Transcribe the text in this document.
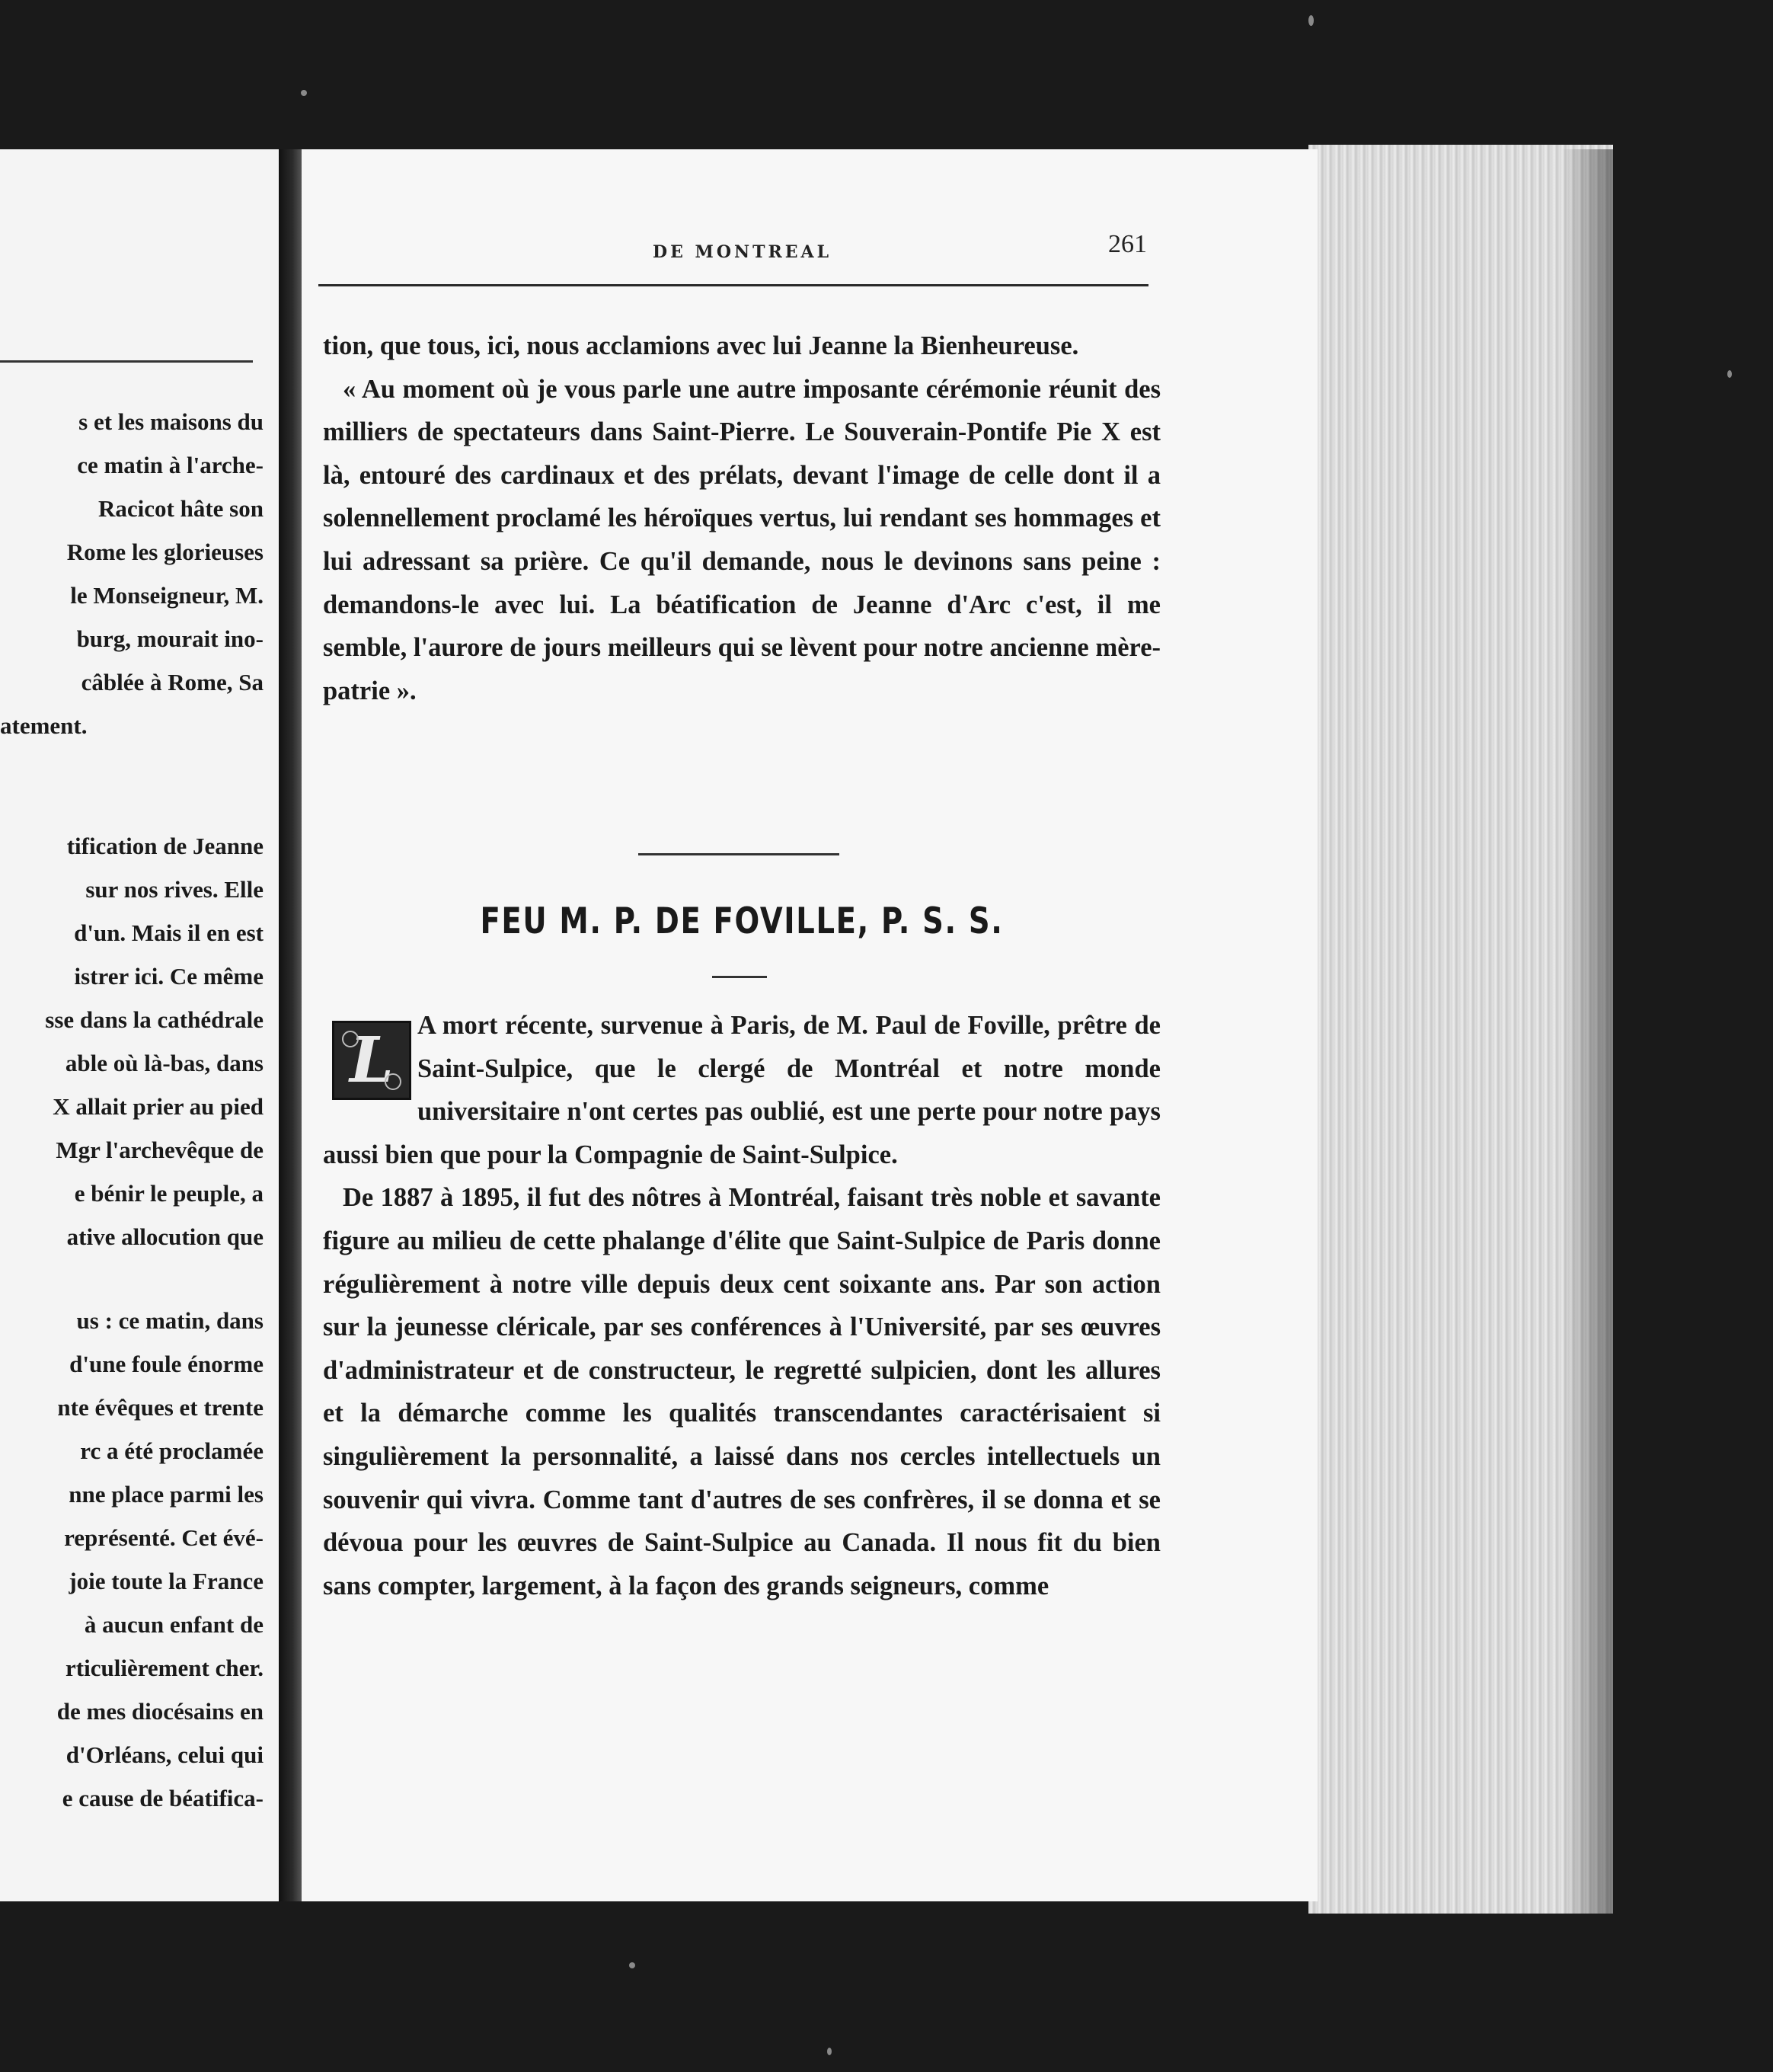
s et les maisons du
ce matin à l'arche-
Racicot hâte son
Rome les glorieuses
le Monseigneur, M.
burg, mourait ino-
câblée à Rome, Sa
atement.
tification de Jeanne
sur nos rives. Elle
d'un. Mais il en est
istrer ici. Ce même
sse dans la cathédrale
able où là-bas, dans
X allait prier au pied
Mgr l'archevêque de
e bénir le peuple, a
ative allocution que
us : ce matin, dans
d'une foule énorme
nte évêques et trente
rc a été proclamée
nne place parmi les
représenté. Cet évé-
joie toute la France
à aucun enfant de
rticulièrement cher.
de mes diocésains en
d'Orléans, celui qui
e cause de béatifica-
DE MONTREAL	261

tion, que tous, ici, nous acclamions avec lui Jeanne la Bienheureuse.

« Au moment où je vous parle une autre imposante cérémonie réunit des milliers de spectateurs dans Saint-Pierre. Le Souverain-Pontife Pie X est là, entouré des cardinaux et des prélats, devant l'image de celle dont il a solennellement proclamé les héroïques vertus, lui rendant ses hommages et lui adressant sa prière. Ce qu'il demande, nous le devinons sans peine : demandons-le avec lui. La béatification de Jeanne d'Arc c'est, il me semble, l'aurore de jours meilleurs qui se lèvent pour notre ancienne mère-patrie ».

FEU M. P. DE FOVILLE, P. S. S.

A mort récente, survenue à Paris, de M. Paul de Foville, prêtre de Saint-Sulpice, que le clergé de Montréal et notre monde universitaire n'ont certes pas oublié, est une perte pour notre pays aussi bien que pour la Compagnie de Saint-Sulpice.

De 1887 à 1895, il fut des nôtres à Montréal, faisant très noble et savante figure au milieu de cette phalange d'élite que Saint-Sulpice de Paris donne régulièrement à notre ville depuis deux cent soixante ans. Par son action sur la jeunesse cléricale, par ses conférences à l'Université, par ses œuvres d'administrateur et de constructeur, le regretté sulpicien, dont les allures et la démarche comme les qualités transcendantes caractérisaient si singulièrement la personnalité, a laissé dans nos cercles intellectuels un souvenir qui vivra. Comme tant d'autres de ses confrères, il se donna et se dévoua pour les œuvres de Saint-Sulpice au Canada. Il nous fit du bien sans compter, largement, à la façon des grands seigneurs, comme

L
